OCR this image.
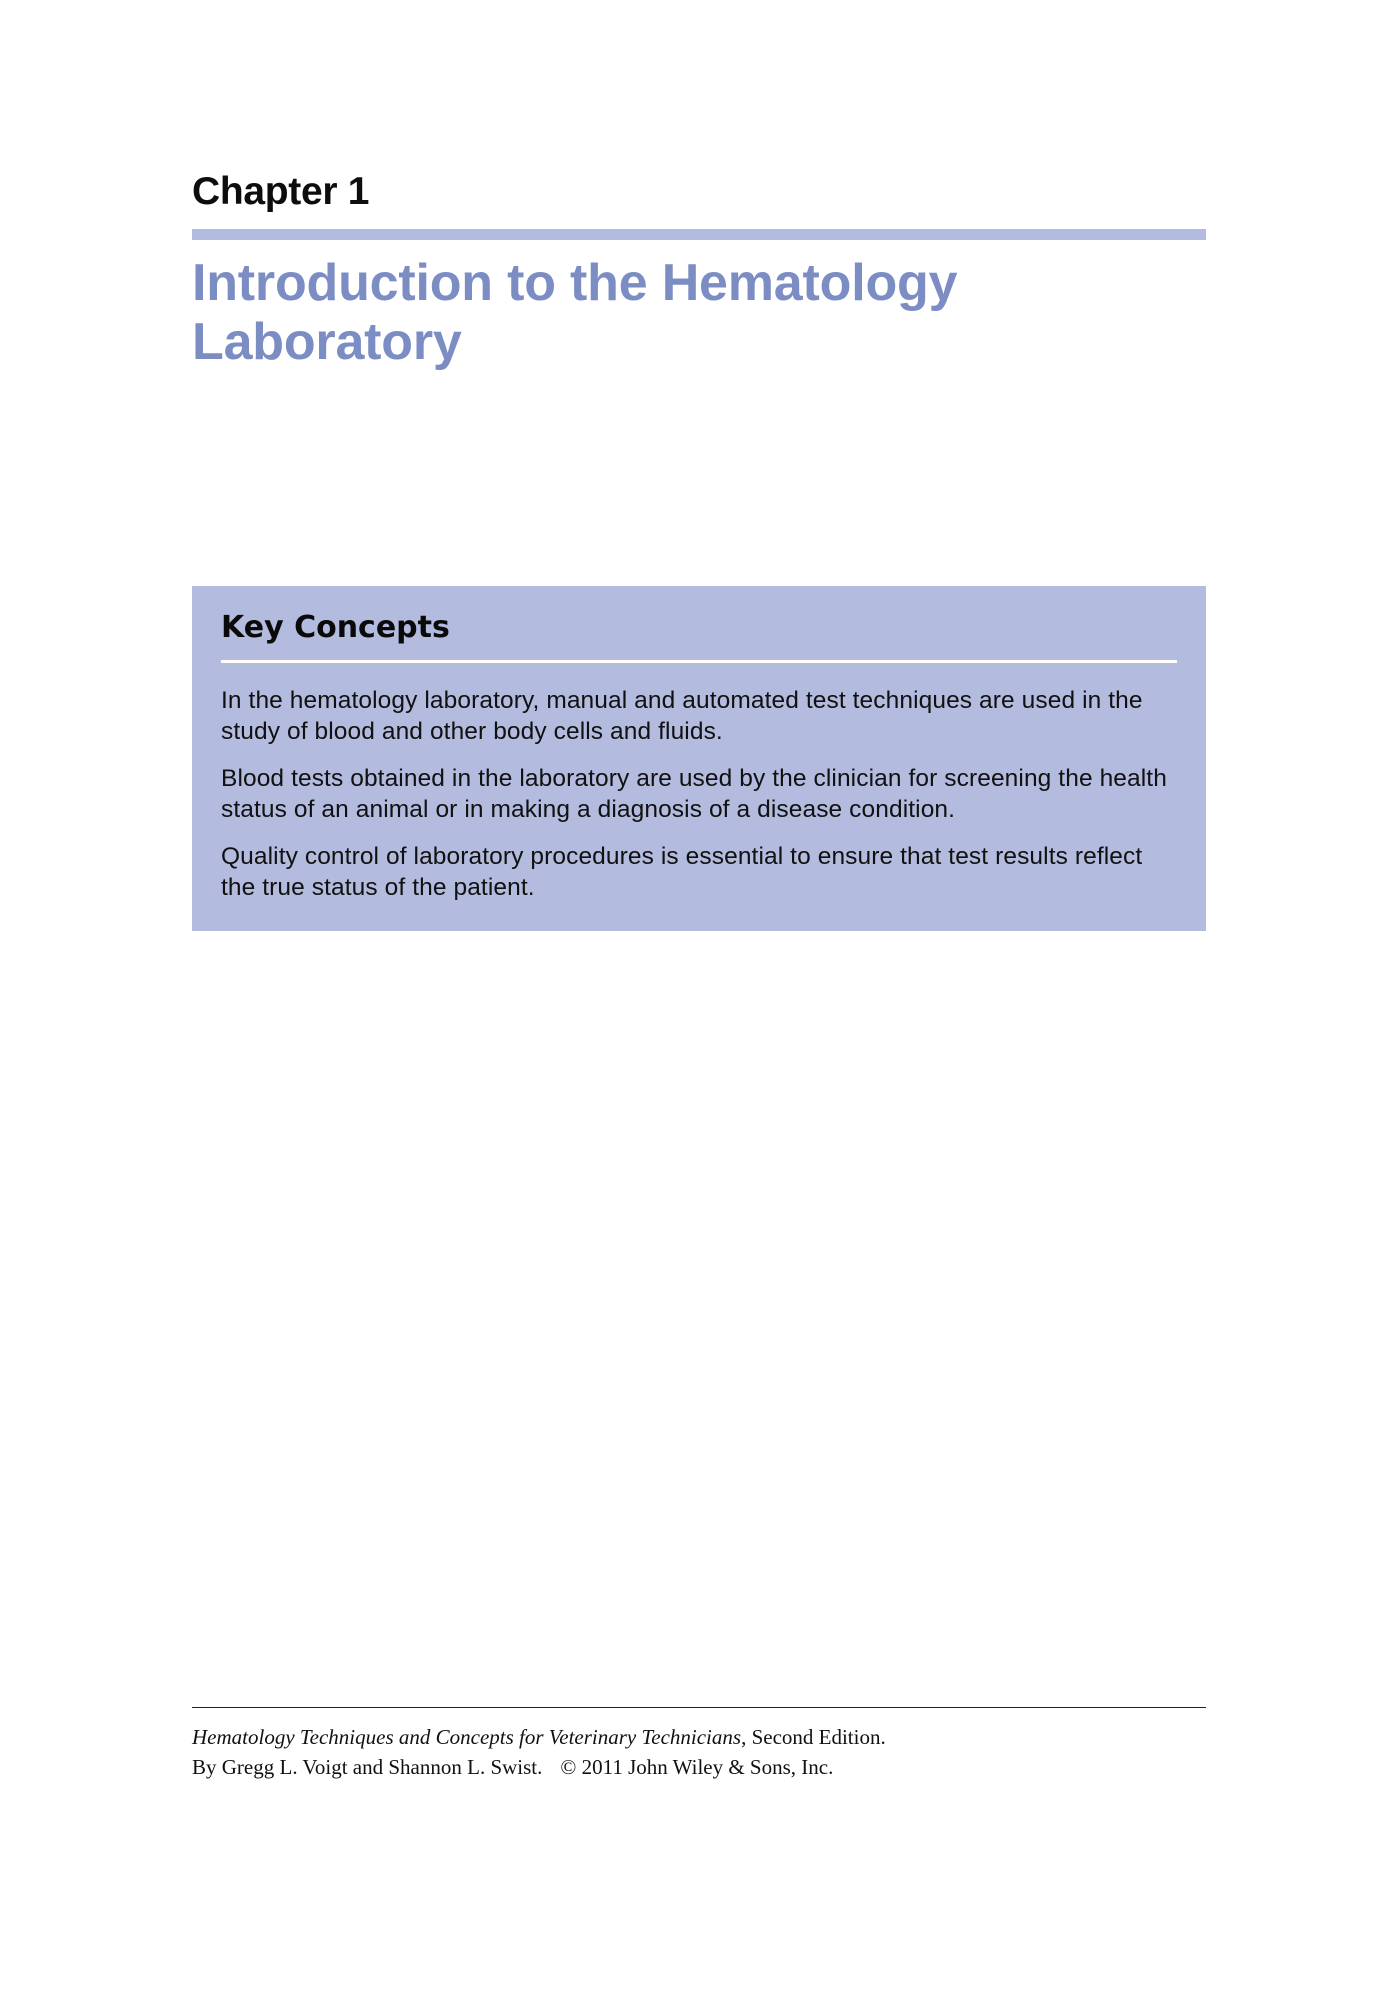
Chapter 1
Introduction to the Hematology
Laboratory
Key Concepts
In the hematology laboratory, manual and automated test techniques are used in the study of blood and other body cells and fluids.
Blood tests obtained in the laboratory are used by the clinician for screening the health status of an animal or in making a diagnosis of a disease condition.
Quality control of laboratory procedures is essential to ensure that test results reflect the true status of the patient.
Hematology Techniques and Concepts for Veterinary Technicians, Second Edition.
By Gregg L. Voigt and Shannon L. Swist. © 2011 John Wiley & Sons, Inc.
